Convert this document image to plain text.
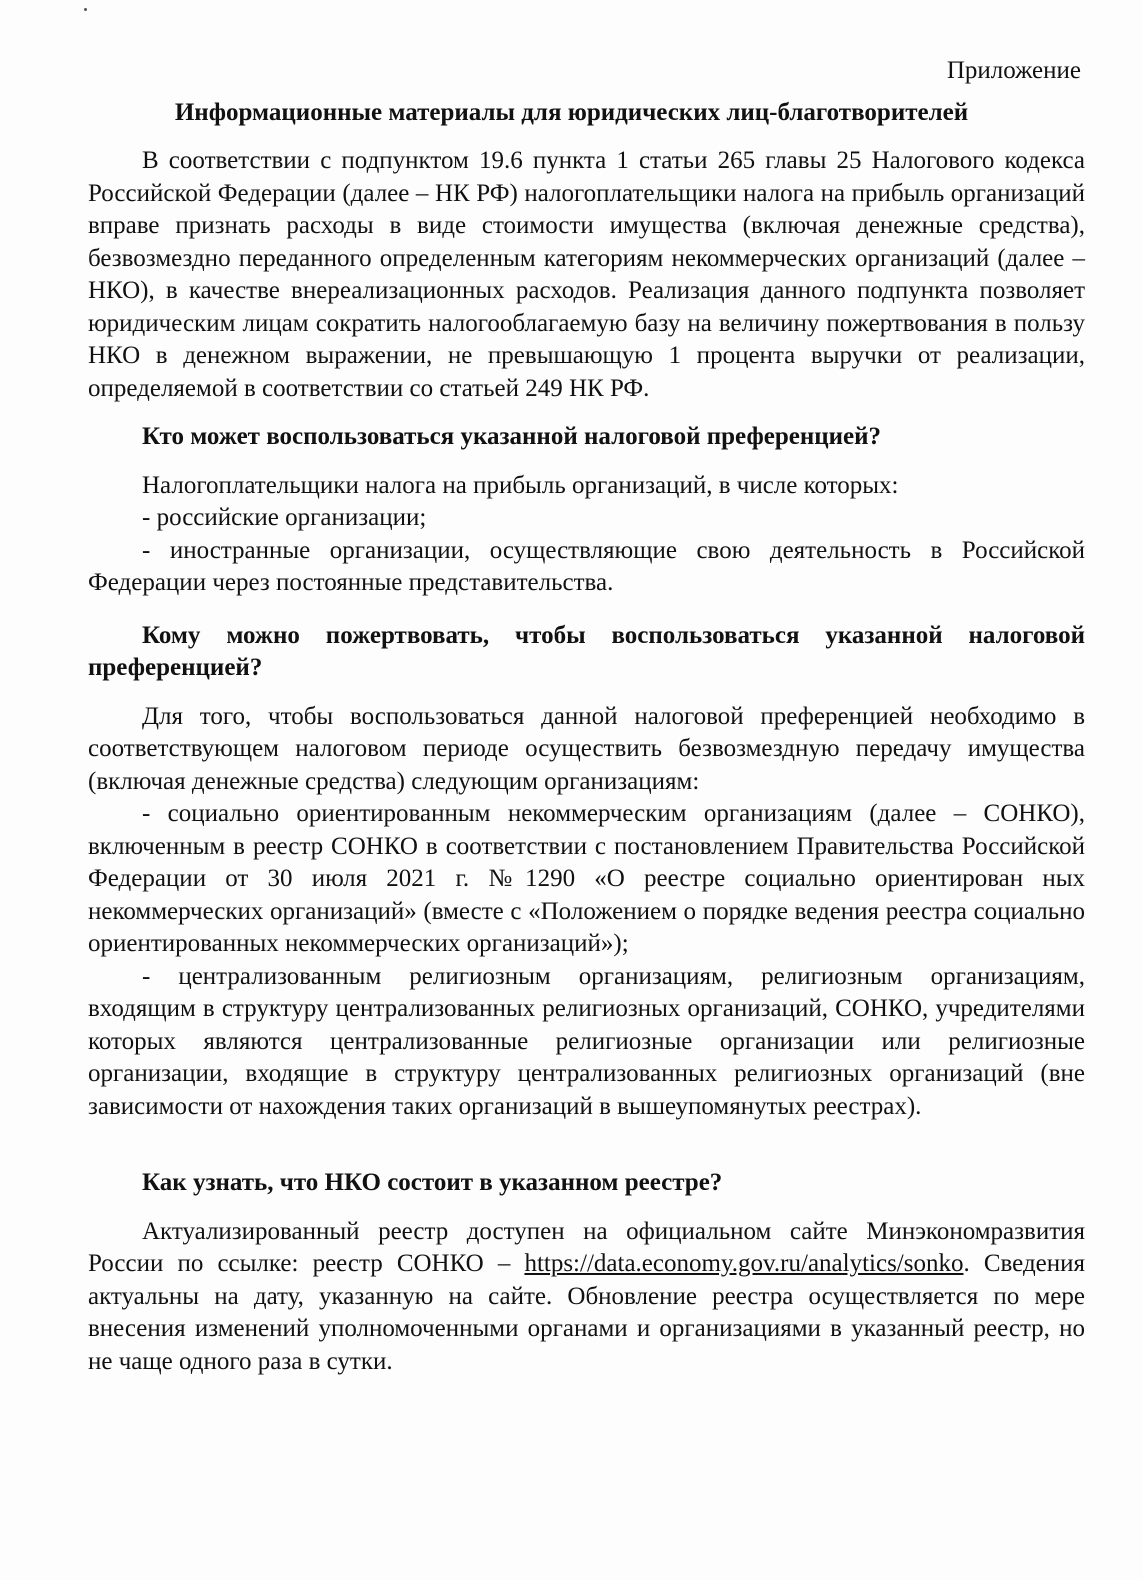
Приложение

Информационные материалы для юридических лиц-благотворителей

В соответствии с подпунктом 19.6 пункта 1 статьи 265 главы 25 Налогового кодекса Российской Федерации (далее – НК РФ) налогоплательщики налога на прибыль организаций вправе признать расходы в виде стоимости имущества (включая денежные средства), безвозмездно переданного определенным категориям некоммерческих организаций (далее – НКО), в качестве внереализационных расходов. Реализация данного подпункта позволяет юридическим лицам сократить налогооблагаемую базу на величину пожертвования в пользу НКО в денежном выражении, не превышающую 1 процента выручки от реализации, определяемой в соответствии со статьей 249 НК РФ.

Кто может воспользоваться указанной налоговой преференцией?

Налогоплательщики налога на прибыль организаций, в числе которых:

- российские организации;

- иностранные организации, осуществляющие свою деятельность в Российской Федерации через постоянные представительства.

Кому можно пожертвовать, чтобы воспользоваться указанной налоговой преференцией?

Для того, чтобы воспользоваться данной налоговой преференцией необходимо в соответствующем налоговом периоде осуществить безвозмездную передачу имущества (включая денежные средства) следующим организациям:

- социально ориентированным некоммерческим организациям (далее – СОНКО), включенным в реестр СОНКО в соответствии с постановлением Правительства Российской Федерации от 30 июля 2021 г. №1290 «О реестре социально ориентирован ных некоммерческих организаций» (вместе с «Положением о порядке ведения реестра социально ориентированных некоммерческих организаций»);

- централизованным религиозным организациям, религиозным организациям, входящим в структуру централизованных религиозных организаций, СОНКО, учредителями которых являются централизованные религиозные организации или религиозные организации, входящие в структуру централизованных религиозных организаций (вне зависимости от нахождения таких организаций в вышеупомянутых реестрах).

Как узнать, что НКО состоит в указанном реестре?

Актуализированный реестр доступен на официальном сайте Минэкономразвития России по ссылке: реестр СОНКО – https://data.economy.gov.ru/analytics/sonko. Сведения актуальны на дату, указанную на сайте. Обновление реестра осуществляется по мере внесения изменений уполномоченными органами и организациями в указанный реестр, но не чаще одного раза в сутки.
